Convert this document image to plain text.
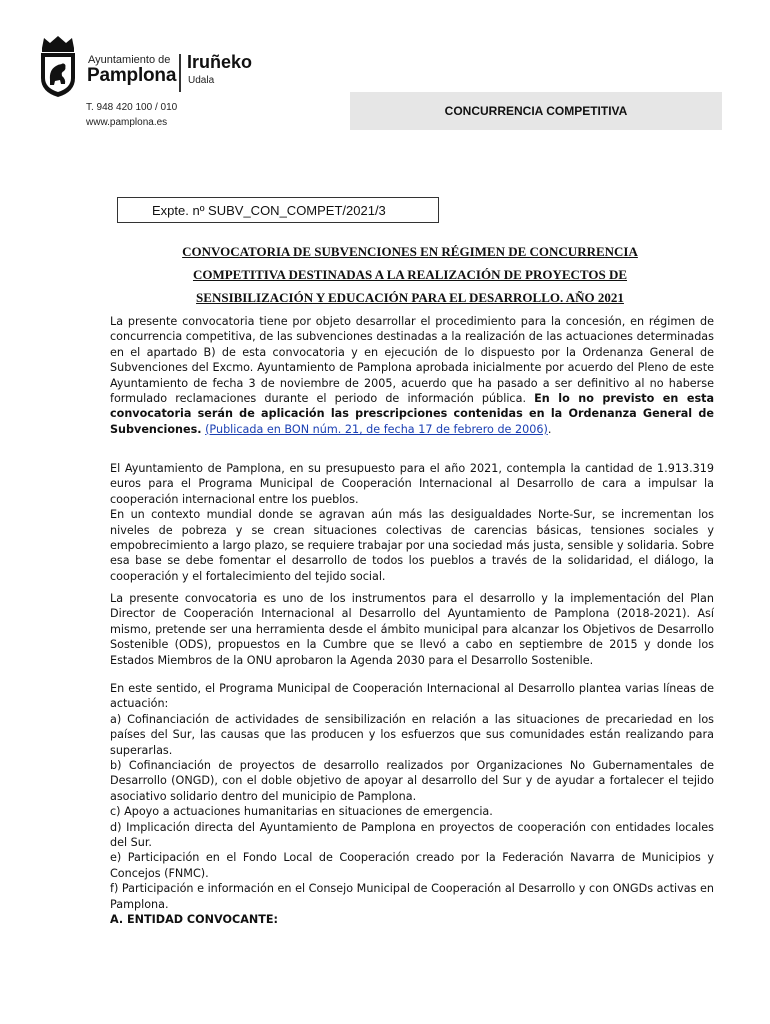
Ayuntamiento de
Pamplona
Iruñeko
Udala
T. 948 420 100 / 010
www.pamplona.es
CONCURRENCIA COMPETITIVA
Expte. nº SUBV_CON_COMPET/2021/3
CONVOCATORIA DE SUBVENCIONES EN RÉGIMEN DE CONCURRENCIA
COMPETITIVA DESTINADAS A LA REALIZACIÓN DE PROYECTOS DE
SENSIBILIZACIÓN Y EDUCACIÓN PARA EL DESARROLLO. AÑO 2021

La presente convocatoria tiene por objeto desarrollar el procedimiento para la concesión, en régimen de concurrencia competitiva, de las subvenciones destinadas a la realización de las actuaciones determinadas en el apartado B) de esta convocatoria y en ejecución de lo dispuesto por la Ordenanza General de Subvenciones del Excmo. Ayuntamiento de Pamplona aprobada inicialmente por acuerdo del Pleno de este Ayuntamiento de fecha 3 de noviembre de 2005, acuerdo que ha pasado a ser definitivo al no haberse formulado reclamaciones durante el periodo de información pública. En lo no previsto en esta convocatoria serán de aplicación las prescripciones contenidas en la Ordenanza General de Subvenciones. (Publicada en BON núm. 21, de fecha 17 de febrero de 2006).

El Ayuntamiento de Pamplona, en su presupuesto para el año 2021, contempla la cantidad de 1.913.319 euros para el Programa Municipal de Cooperación Internacional al Desarrollo de cara a impulsar la cooperación internacional entre los pueblos.

En un contexto mundial donde se agravan aún más las desigualdades Norte-Sur, se incrementan los niveles de pobreza y se crean situaciones colectivas de carencias básicas, tensiones sociales y empobrecimiento a largo plazo, se requiere trabajar por una sociedad más justa, sensible y solidaria. Sobre esa base se debe fomentar el desarrollo de todos los pueblos a través de la solidaridad, el diálogo, la cooperación y el fortalecimiento del tejido social.

La presente convocatoria es uno de los instrumentos para el desarrollo y la implementación del Plan Director de Cooperación Internacional al Desarrollo del Ayuntamiento de Pamplona (2018-2021). Así mismo, pretende ser una herramienta desde el ámbito municipal para alcanzar los Objetivos de Desarrollo Sostenible (ODS), propuestos en la Cumbre que se llevó a cabo en septiembre de 2015 y donde los Estados Miembros de la ONU aprobaron la Agenda 2030 para el Desarrollo Sostenible.

En este sentido, el Programa Municipal de Cooperación Internacional al Desarrollo plantea varias líneas de actuación:

a) Cofinanciación de actividades de sensibilización en relación a las situaciones de precariedad en los países del Sur, las causas que las producen y los esfuerzos que sus comunidades están realizando para superarlas.

b) Cofinanciación de proyectos de desarrollo realizados por Organizaciones No Gubernamentales de Desarrollo (ONGD), con el doble objetivo de apoyar al desarrollo del Sur y de ayudar a fortalecer el tejido asociativo solidario dentro del municipio de Pamplona.

c) Apoyo a actuaciones humanitarias en situaciones de emergencia.

d) Implicación directa del Ayuntamiento de Pamplona en proyectos de cooperación con entidades locales del Sur.

e) Participación en el Fondo Local de Cooperación creado por la Federación Navarra de Municipios y Concejos (FNMC).

f) Participación e información en el Consejo Municipal de Cooperación al Desarrollo y con ONGDs activas en Pamplona.

A. ENTIDAD CONVOCANTE:
